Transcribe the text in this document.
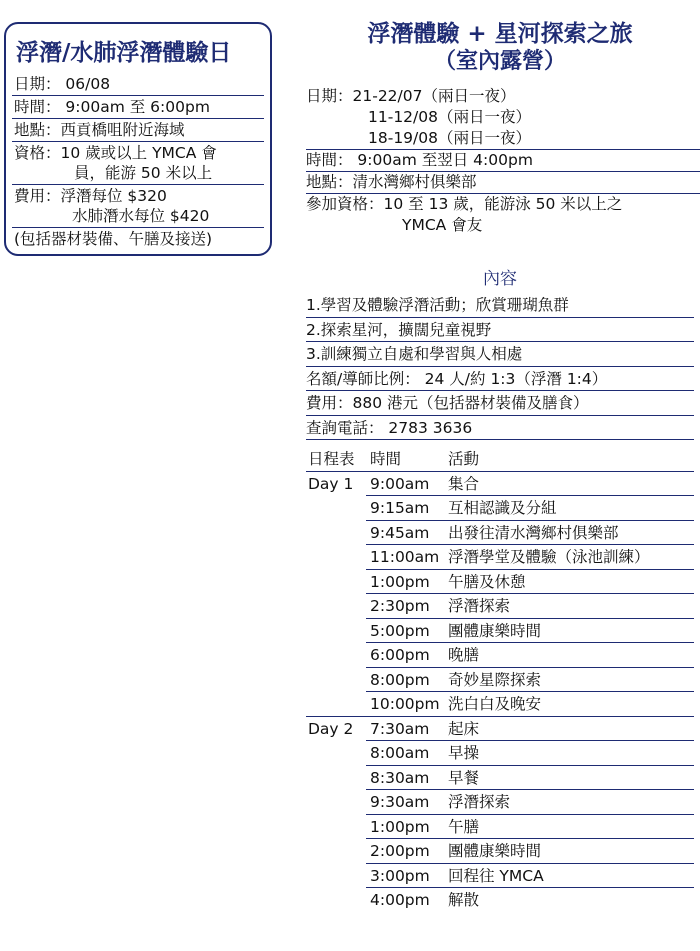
浮潛/水肺浮潛體驗日
日期： 06/08
時間： 9:00am 至 6:00pm
地點：西貢橋咀附近海域
資格：10 歲或以上 YMCA 會
員，能游 50 米以上
費用：浮潛每位 $320
水肺潛水每位 $420
(包括器材裝備、午膳及接送)
浮潛體驗 + 星河探索之旅
（室內露營）
日期：21-22/07（兩日一夜）
11-12/08（兩日一夜）
18-19/08（兩日一夜）
時間： 9:00am 至翌日 4:00pm
地點：清水灣鄉村俱樂部
參加資格：10 至 13 歲，能游泳 50 米以上之
YMCA 會友
內容
1.學習及體驗浮潛活動；欣賞珊瑚魚群
2.探索星河，擴闊兒童視野
3.訓練獨立自處和學習與人相處
名額/導師比例： 24 人/約 1:3（浮潛 1:4）
費用：880 港元（包括器材裝備及膳食）
查詢電話： 2783 3636
日程表 時間	活動
Day 1 9:00am 集合
9:15am 互相認識及分組
9:45am 出發往清水灣鄉村俱樂部
11:00am 浮潛學堂及體驗（泳池訓練）
1:00pm 午膳及休憩
2:30pm 浮潛探索
5:00pm 團體康樂時間
6:00pm 晚膳
8:00pm 奇妙星際探索
10:00pm 洗白白及晚安
Day 2 7:30am 起床
8:00am 早操
8:30am 早餐
9:30am 浮潛探索
1:00pm 午膳
2:00pm 團體康樂時間
3:00pm 回程往 YMCA
4:00pm 解散
